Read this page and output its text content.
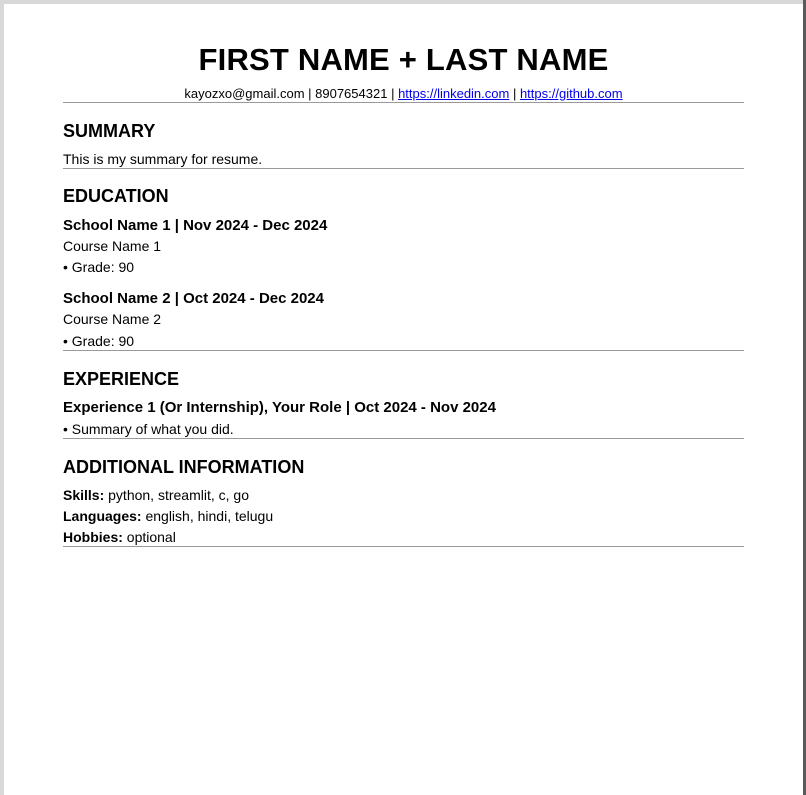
FIRST NAME + LAST NAME
kayozxo@gmail.com | 8907654321 | https://linkedin.com | https://github.com
SUMMARY
This is my summary for resume.
EDUCATION
School Name 1 | Nov 2024 - Dec 2024
Course Name 1
• Grade: 90
School Name 2 | Oct 2024 - Dec 2024
Course Name 2
• Grade: 90
EXPERIENCE
Experience 1 (Or Internship), Your Role | Oct 2024 - Nov 2024
• Summary of what you did.
ADDITIONAL INFORMATION
Skills: python, streamlit, c, go
Languages: english, hindi, telugu
Hobbies: optional
